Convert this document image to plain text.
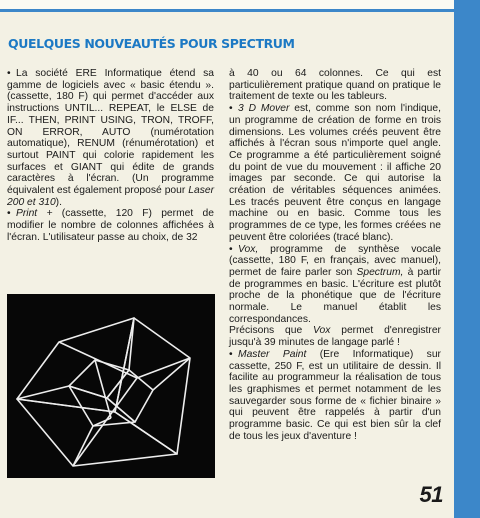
QUELQUES NOUVEAUTÉS POUR SPECTRUM

• La société ERE Informatique étend sa gamme de logiciels avec « basic étendu ». (cassette, 180 F) qui permet d'accéder aux instructions UNTIL... REPEAT, le ELSE de IF... THEN, PRINT USING, TRON, TROFF, ON ERROR, AUTO (numérotation automatique), RENUM (rénumérotation) et surtout PAINT qui colorie rapidement les surfaces et GIANT qui édite de grands caractères à l'écran. (Un programme équivalent est également proposé pour Laser 200 et 310).

• Print + (cassette, 120 F) permet de modifier le nombre de colonnes affichées à l'écran. L'utilisateur passe au choix, de 32

à 40 ou 64 colonnes. Ce qui est particulièrement pratique quand on pratique le traitement de texte ou les tableurs.

• 3 D Mover est, comme son nom l'indique, un programme de création de forme en trois dimensions. Les volumes créés peuvent être affichés à l'écran sous n'importe quel angle. Ce programme a été particulièrement soigné du point de vue du mouvement : il affiche 20 images par seconde. Ce qui autorise la création de véritables séquences animées. Les tracés peuvent être conçus en langage machine ou en basic. Comme tous les programmes de ce type, les formes créées ne peuvent être coloriées (tracé blanc).

• Vox, programme de synthèse vocale (cassette, 180 F, en français, avec manuel), permet de faire parler son Spectrum, à partir de programmes en basic. L'écriture est plutôt proche de la phonétique que de l'écriture normale. Le manuel établit les correspondances.

Précisons que Vox permet d'enregistrer jusqu'à 39 minutes de langage parlé !

• Master Paint (Ere Informatique) sur cassette, 250 F, est un utilitaire de dessin. Il facilite au programmeur la réalisation de tous les graphismes et permet notamment de les sauvegarder sous forme de « fichier binaire » qui peuvent être rappelés à partir d'un programme basic. Ce qui est bien sûr la clef de tous les jeux d'aventure !

51
